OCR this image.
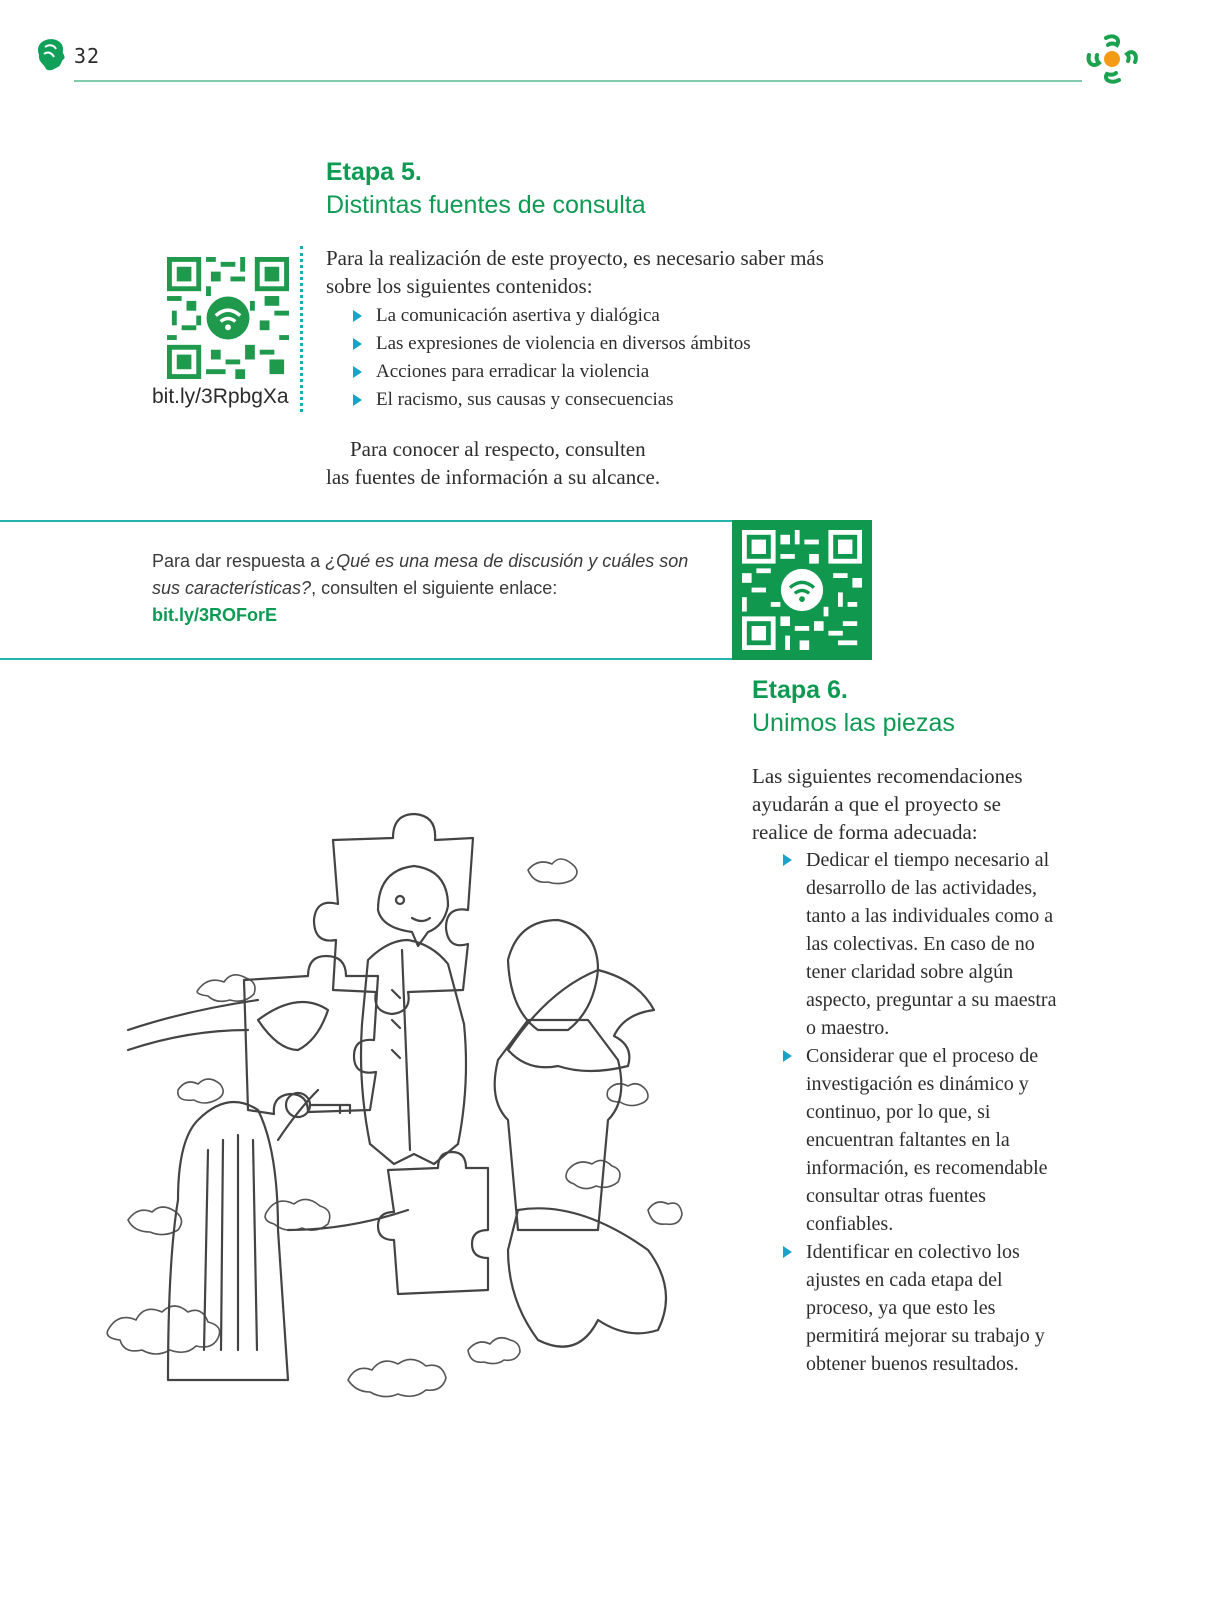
32
Etapa 5.
Distintas fuentes de consulta
bit.ly/3RpbgXa
Para la realización de este proyecto, es necesario saber más sobre los siguientes contenidos:
La comunicación asertiva y dialógica
Las expresiones de violencia en diversos ámbitos
Acciones para erradicar la violencia
El racismo, sus causas y consecuencias
Para conocer al respecto, consulten
las fuentes de información a su alcance.
Para dar respuesta a ¿Qué es una mesa de discusión y cuáles son sus características?, consulten el siguiente enlace:
bit.ly/3ROForE
Etapa 6.
Unimos las piezas
Las siguientes recomendaciones ayudarán a que el proyecto se realice de forma adecuada:
Dedicar el tiempo necesario al desarrollo de las actividades, tanto a las individuales como a las colectivas. En caso de no tener claridad sobre algún aspecto, preguntar a su maestra o maestro.
Considerar que el proceso de investigación es dinámico y continuo, por lo que, si encuentran faltantes en la información, es recomendable consultar otras fuentes confiables.
Identificar en colectivo los ajustes en cada etapa del proceso, ya que esto les permitirá mejorar su trabajo y obtener buenos resultados.
